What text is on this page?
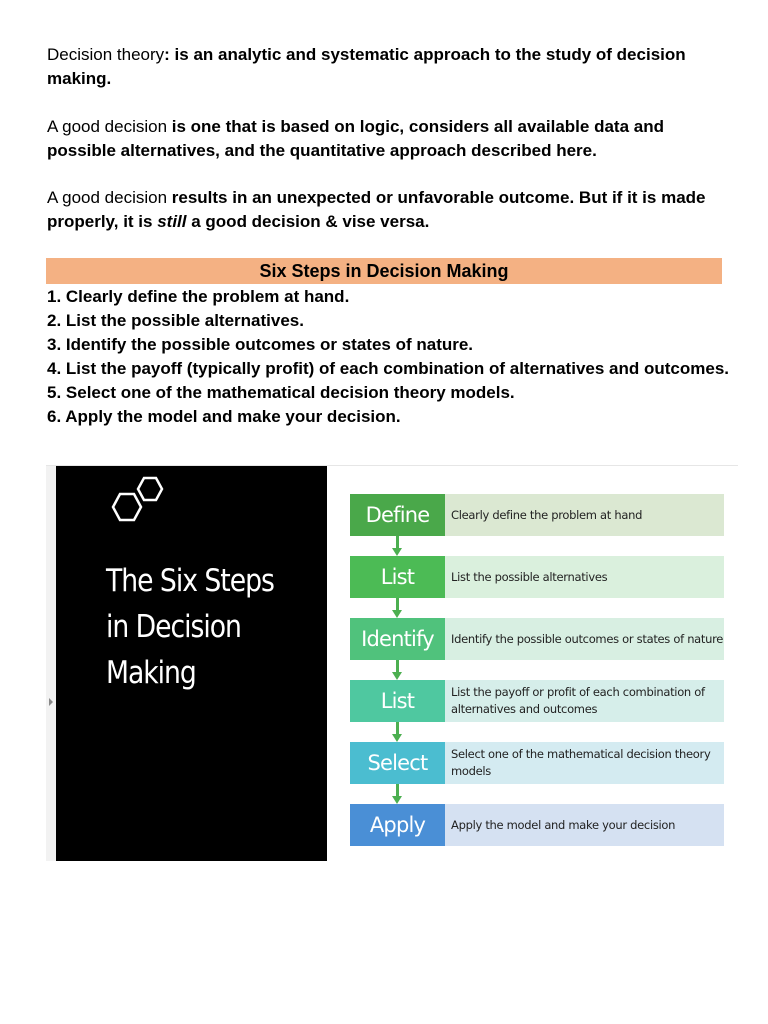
Decision theory: is an analytic and systematic approach to the study of decision making.

A good decision is one that is based on logic, considers all available data and possible alternatives, and the quantitative approach described here.

A good decision results in an unexpected or unfavorable outcome. But if it is made properly, it is still a good decision & vise versa.

Six Steps in Decision Making
1. Clearly define the problem at hand.
2. List the possible alternatives.
3. Identify the possible outcomes or states of nature.
4. List the payoff (typically profit) of each combination of alternatives and outcomes.
5. Select one of the mathematical decision theory models.
6. Apply the model and make your decision.
The Six Steps
in Decision
Making
Define	Clearly define the problem at hand
List	List the possible alternatives
Identify	Identify the possible outcomes or states of nature
List	List the payoff or profit of each combination of alternatives and outcomes
Select	Select one of the mathematical decision theory models
Apply	Apply the model and make your decision
